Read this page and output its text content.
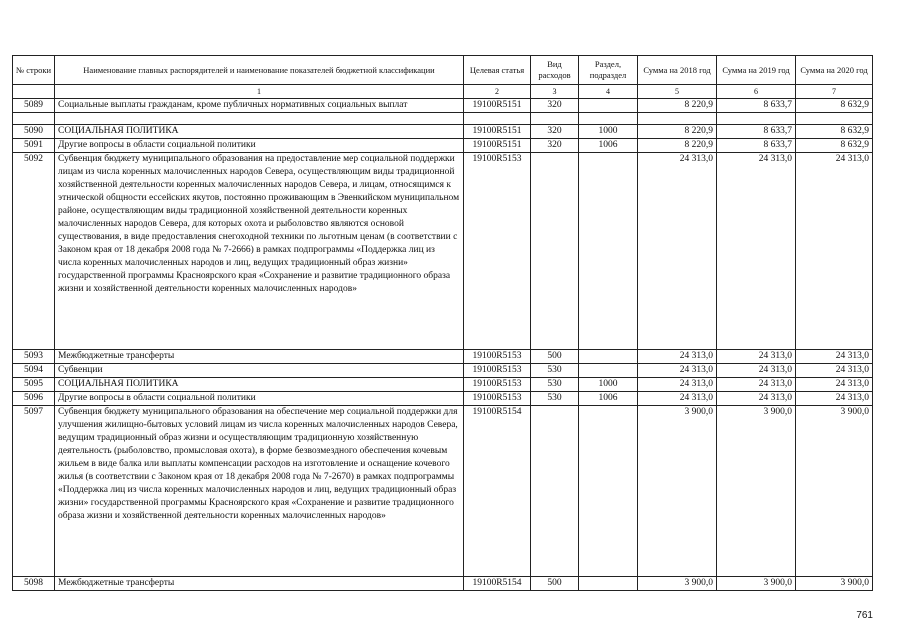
№ строки	Наименование главных распорядителей и наименование показателей бюджетной классификации	Целевая статья	Вид расходов	Раздел, подраздел	Сумма на 2018 год	Сумма на 2019 год	Сумма на 2020 год
	1	2	3	4	5	6	7
5089	Социальные выплаты гражданам, кроме публичных нормативных социальных выплат	19100R5151	320		8 220,9	8 633,7	8 632,9

5090	СОЦИАЛЬНАЯ ПОЛИТИКА	19100R5151	320	1000	8 220,9	8 633,7	8 632,9
5091	Другие вопросы в области социальной политики	19100R5151	320	1006	8 220,9	8 633,7	8 632,9
5092	Субвенция бюджету муниципального образования на предоставление мер социальной поддержки лицам из числа коренных малочисленных народов Севера, осуществляющим виды традиционной хозяйственной деятельности коренных малочисленных народов Севера, и лицам, относящимся к этнической общности ессейских якутов, постоянно проживающим в Эвенкийском муниципальном районе, осуществляющим виды традиционной хозяйственной деятельности коренных малочисленных народов Севера, для которых охота и рыболовство являются основой существования, в виде предоставления снегоходной техники по льготным ценам (в соответствии с Законом края от 18 декабря 2008 года № 7-2666) в рамках подпрограммы «Поддержка лиц из числа коренных малочисленных народов и лиц, ведущих традиционный образ жизни» государственной программы Красноярского края «Сохранение и развитие традиционного образа жизни и хозяйственной деятельности коренных малочисленных народов»	19100R5153			24 313,0	24 313,0	24 313,0
5093	Межбюджетные трансферты	19100R5153	500		24 313,0	24 313,0	24 313,0
5094	Субвенции	19100R5153	530		24 313,0	24 313,0	24 313,0
5095	СОЦИАЛЬНАЯ ПОЛИТИКА	19100R5153	530	1000	24 313,0	24 313,0	24 313,0
5096	Другие вопросы в области социальной политики	19100R5153	530	1006	24 313,0	24 313,0	24 313,0
5097	Субвенция бюджету муниципального образования на обеспечение мер социальной поддержки для улучшения жилищно-бытовых условий лицам из числа коренных малочисленных народов Севера, ведущим традиционный образ жизни и осуществляющим традиционную хозяйственную деятельность (рыболовство, промысловая охота), в форме безвозмездного обеспечения кочевым жильем в виде балка или выплаты компенсации расходов на изготовление и оснащение кочевого жилья (в соответствии с Законом края от 18 декабря 2008 года № 7-2670) в рамках подпрограммы «Поддержка лиц из числа коренных малочисленных народов и лиц, ведущих традиционный образ жизни» государственной программы Красноярского края «Сохранение и развитие традиционного образа жизни и хозяйственной деятельности коренных малочисленных народов»	19100R5154			3 900,0	3 900,0	3 900,0
5098	Межбюджетные трансферты	19100R5154	500		3 900,0	3 900,0	3 900,0
761
